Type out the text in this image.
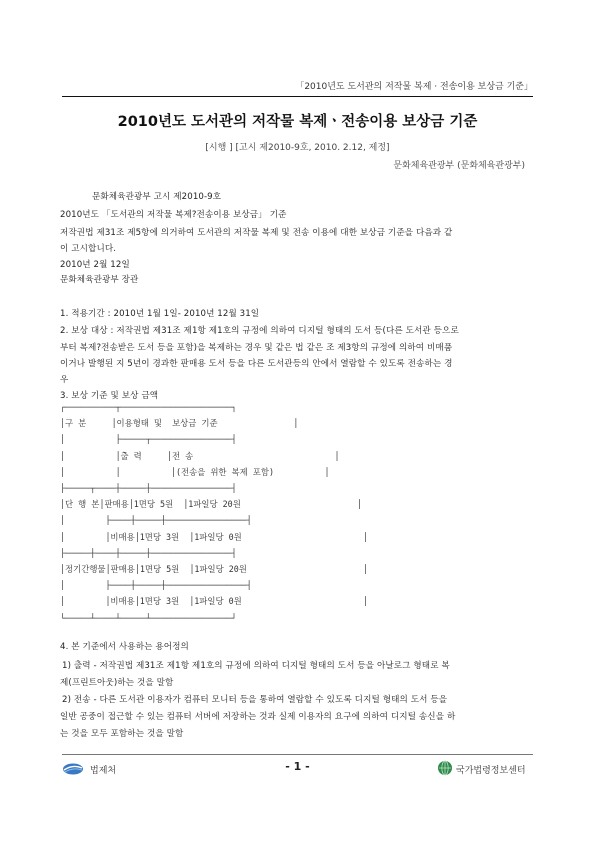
「2010년도 도서관의 저작물 복제 · 전송이용 보상금 기준」
2010년도 도서관의 저작물 복제ㆍ전송이용 보상금 기준
[시행 ] [고시 제2010-9호, 2010. 2.12, 제정]
문화체육관광부 (문화체육관광부)
문화체육관광부 고시 제2010-9호
2010년도 「도서관의 저작물 복제?전송이용 보상금」 기준
저작권법 제31조 제5항에 의거하여 도서관의 저작물 복제 및 전송 이용에 대한 보상금 기준을 다음과 같
이 고시합니다.
2010년 2월 12일
문화체육관광부 장관
1. 적용기간 : 2010년 1월 1일- 2010년 12월 31일
2. 보상 대상 : 저작권법 제31조 제1항 제1호의 규정에 의하여 디지털 형태의 도서 등(다른 도서관 등으로
부터 복제?전송받은 도서 등을 포함)을 복제하는 경우 및 같은 법 같은 조 제3항의 규정에 의하여 비매품
이거나 발행된 지 5년이 경과한 판매용 도서 등을 다른 도서관등의 안에서 열람할 수 있도록 전송하는 경
우
3. 보상 기준 및 보상 금액
┌──────────┬──────────────────────┐
│구 분     │이용형태 및  보상금 기준               │
│          ├─────┬────────────────┤
│          │출 력     │전 송                            │
│          │          │(전송을 위한 복제 포함)          │
├─────┬────┼─────┼────────────────┤
│단 행 본│판매용│1면당 5원  │1파일당 20원                       │
│        ├────┼─────┼────────────────┤
│        │비매용│1면당 3원  │1파일당 0원                        │
├─────┼────┼─────┼────────────────┤
│정기간행물│판매용│1면당 5원  │1파일당 20원                       │
│        ├────┼─────┼────────────────┤
│        │비매용│1면당 3원  │1파일당 0원                        │
└─────┴────┴─────┴────────────────┘
4. 본 기준에서 사용하는 용어정의
1) 출력 - 저작권법 제31조 제1항 제1호의 규정에 의하여 디지털 형태의 도서 등을 아날로그 형태로 복
제(프린트아웃)하는 것을 말함
2) 전송 - 다른 도서관 이용자가 컴퓨터 모니터 등을 통하여 열람할 수 있도록 디지털 형태의 도서 등을
일반 공중이 접근할 수 있는 컴퓨터 서버에 저장하는 것과 실제 이용자의 요구에 의하여 디지털 송신을 하
는 것을 모두 포함하는 것을 말함
법제처	- 1 -	국가법령정보센터
